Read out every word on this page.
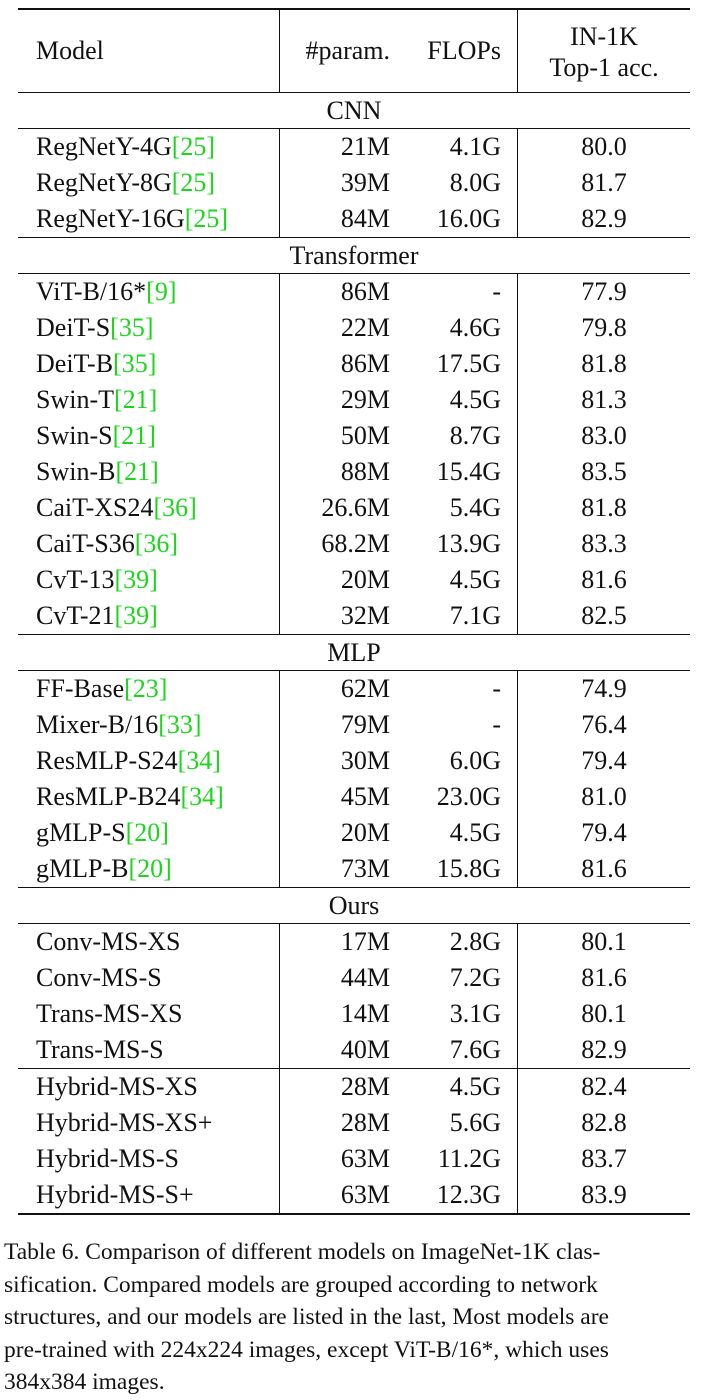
Model	#param.	FLOPs	IN-1K
Top-1 acc.
CNN
RegNetY-4G [25]	21M	4.1G	80.0
RegNetY-8G [25]	39M	8.0G	81.7
RegNetY-16G [25]	84M	16.0G	82.9
Transformer
ViT-B/16* [9]	86M	-	77.9
DeiT-S [35]	22M	4.6G	79.8
DeiT-B [35]	86M	17.5G	81.8
Swin-T [21]	29M	4.5G	81.3
Swin-S [21]	50M	8.7G	83.0
Swin-B [21]	88M	15.4G	83.5
CaiT-XS24 [36]	26.6M	5.4G	81.8
CaiT-S36 [36]	68.2M	13.9G	83.3
CvT-13 [39]	20M	4.5G	81.6
CvT-21 [39]	32M	7.1G	82.5
MLP
FF-Base [23]	62M	-	74.9
Mixer-B/16 [33]	79M	-	76.4
ResMLP-S24 [34]	30M	6.0G	79.4
ResMLP-B24 [34]	45M	23.0G	81.0
gMLP-S [20]	20M	4.5G	79.4
gMLP-B [20]	73M	15.8G	81.6
Ours
Conv-MS-XS	17M	2.8G	80.1
Conv-MS-S	44M	7.2G	81.6
Trans-MS-XS	14M	3.1G	80.1
Trans-MS-S	40M	7.6G	82.9
Hybrid-MS-XS	28M	4.5G	82.4
Hybrid-MS-XS+	28M	5.6G	82.8
Hybrid-MS-S	63M	11.2G	83.7
Hybrid-MS-S+	63M	12.3G	83.9
Table 6. Comparison of different models on ImageNet-1K clas-
sification. Compared models are grouped according to network
structures, and our models are listed in the last, Most models are
pre-trained with 224x224 images, except ViT-B/16*, which uses
384x384 images.
